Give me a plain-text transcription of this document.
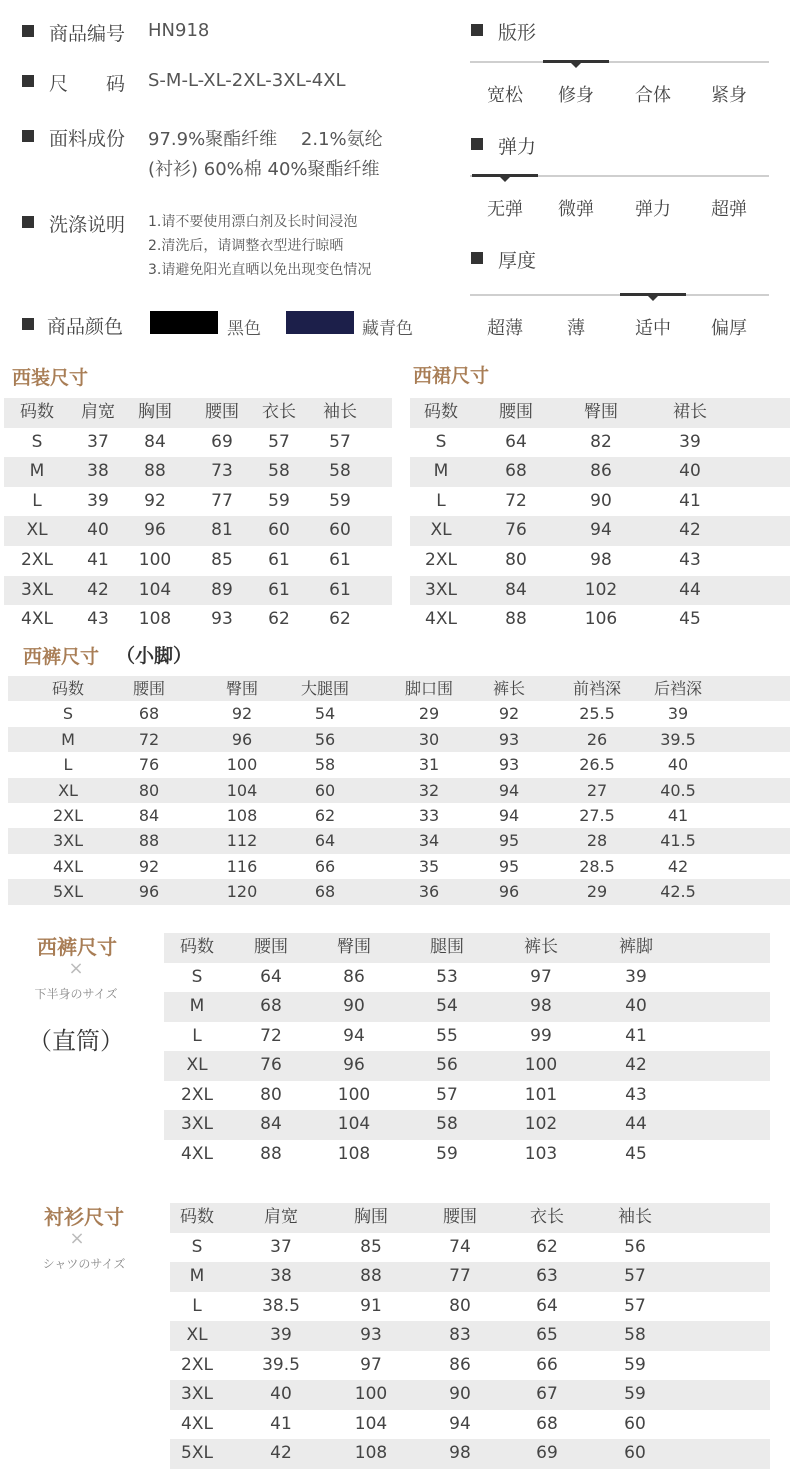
商品编号 HN918
尺　　码 S-M-L-XL-2XL-3XL-4XL
面料成份 97.9%聚酯纤维　 2.1%氨纶
(衬衫) 60%棉 40%聚酯纤维
洗涤说明 1.请不要使用漂白剂及长时间浸泡
2.清洗后，请调整衣型进行晾晒
3.请避免阳光直晒以免出现变色情况
商品颜色	黑色	藏青色
版形
宽松 修身 合体 紧身
弹力
无弹 微弹 弹力 超弹
厚度
超薄 薄	适中 偏厚
西装尺寸	西裙尺寸
西裤尺寸 （小脚）
西裤尺寸
×
下半身のサイズ
（直筒）
衬衫尺寸
×
シャツのサイズ
码数 肩宽 胸围 腰围 衣长 袖长
S	37 84	69 57 57
M	38 88	73 58 58
L	39 92	77 59 59
XL 40 96	81 60 60
2XL 41 100 85 61 61
3XL 42 104 89 61 61
4XL 43 108 93 62 62
码数 腰围	臀围	裙长
S	64	82	39
M	68	86	40
L	72	90	41
XL	76	94	42
2XL	80	98	43
3XL	84	102	44
4XL	88	106	45
码数	腰围	臀围	大腿围	脚口围 裤长	前裆深 后裆深
S	68	92	54	29	92	25.5	39
M	72	96	56	30	93	26	39.5
L	76	100	58	31	93	26.5	40
XL	80	104	60	32	94	27	40.5
2XL	84	108	62	33	94	27.5	41
3XL	88	112	64	34	95	28	41.5
4XL	92	116	66	35	95	28.5	42
5XL	96	120	68	36	96	29	42.5
码数 腰围	臀围	腿围	裤长	裤脚
S	64	86	53	97	39
M	68	90	54	98	40
L	72	94	55	99	41
XL	76	96	56	100	42
2XL	80	100	57	101	43
3XL	84	104	58	102	44
4XL	88	108	59	103	45
码数	肩宽	胸围	腰围	衣长	袖长
S	37	85	74	62	56
M	38	88	77	63	57
L	38.5	91	80	64	57
XL	39	93	83	65	58
2XL	39.5	97	86	66	59
3XL	40	100	90	67	59
4XL	41	104	94	68	60
5XL	42	108	98	69	60
